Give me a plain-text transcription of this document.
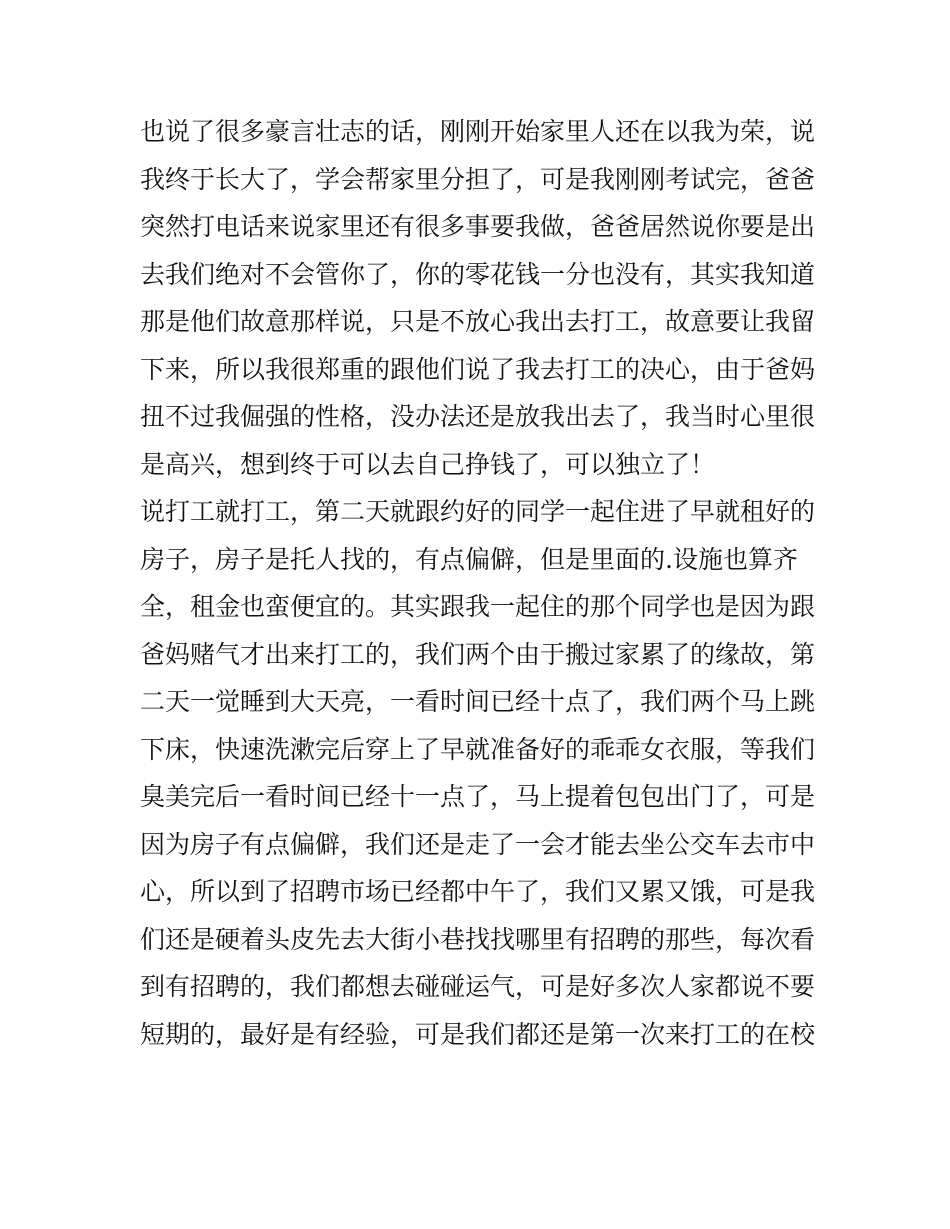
也说了很多豪言壮志的话，刚刚开始家里人还在以我为荣，说
我终于长大了，学会帮家里分担了，可是我刚刚考试完，爸爸
突然打电话来说家里还有很多事要我做，爸爸居然说你要是出
去我们绝对不会管你了，你的零花钱一分也没有，其实我知道
那是他们故意那样说，只是不放心我出去打工，故意要让我留
下来，所以我很郑重的跟他们说了我去打工的决心，由于爸妈
扭不过我倔强的性格，没办法还是放我出去了，我当时心里很
是高兴，想到终于可以去自己挣钱了，可以独立了！
说打工就打工，第二天就跟约好的同学一起住进了早就租好的
房子，房子是托人找的，有点偏僻，但是里面的.设施也算齐
全，租金也蛮便宜的。其实跟我一起住的那个同学也是因为跟
爸妈赌气才出来打工的，我们两个由于搬过家累了的缘故，第
二天一觉睡到大天亮，一看时间已经十点了，我们两个马上跳
下床，快速洗漱完后穿上了早就准备好的乖乖女衣服，等我们
臭美完后一看时间已经十一点了，马上提着包包出门了，可是
因为房子有点偏僻，我们还是走了一会才能去坐公交车去市中
心，所以到了招聘市场已经都中午了，我们又累又饿，可是我
们还是硬着头皮先去大街小巷找找哪里有招聘的那些，每次看
到有招聘的，我们都想去碰碰运气，可是好多次人家都说不要
短期的，最好是有经验，可是我们都还是第一次来打工的在校
